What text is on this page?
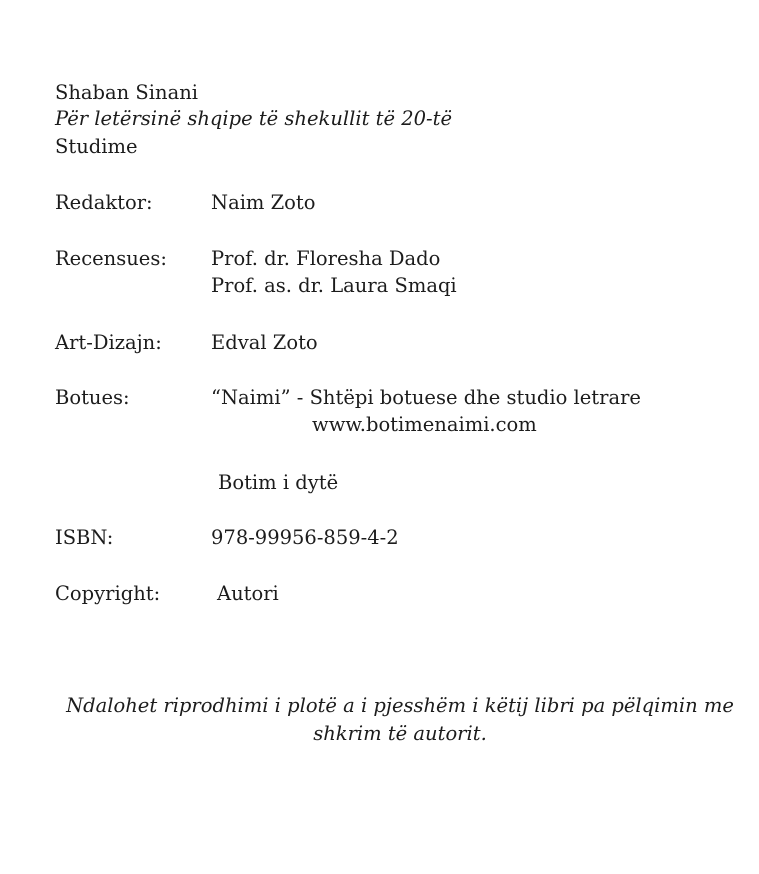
Shaban Sinani
Për letërsinë shqipe të shekullit të 20-të
Studime
Redaktor:	Naim Zoto
Recensues: Prof. dr. Floresha Dado
Prof. as. dr. Laura Smaqi
Art-Dizajn:	Edval Zoto
Botues:	“Naimi” - Shtëpi botuese dhe studio letrare
www.botimenaimi.com
Botim i dytë
ISBN:	978-99956-859-4-2
Copyright:	Autori
Ndalohet riprodhimi i plotë a i pjesshëm i këtij libri pa pëlqimin me
shkrim të autorit.
